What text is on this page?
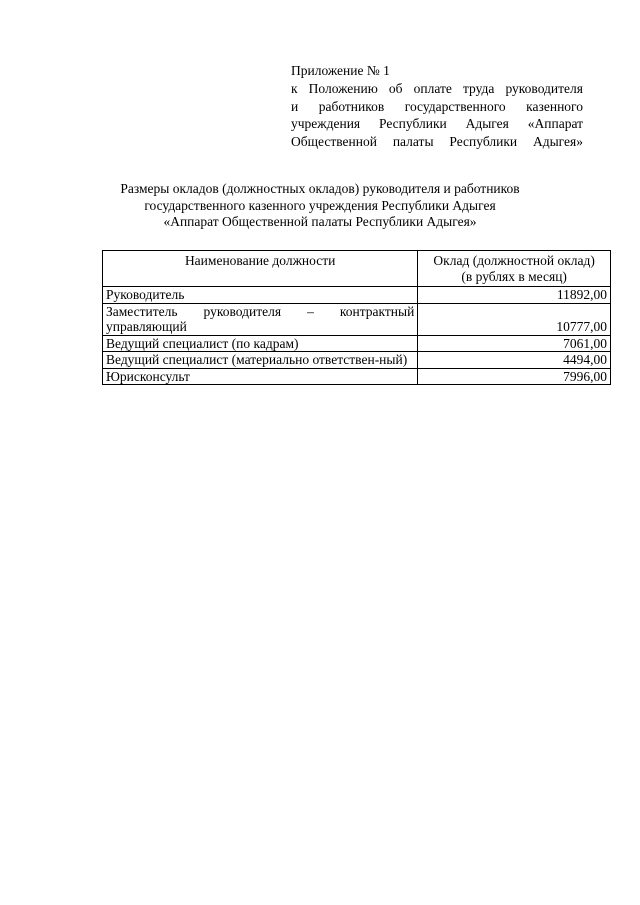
Приложение № 1
к Положению об оплате труда руководителя
и работников государственного казенного
учреждения Республики Адыгея «Аппарат
Общественной палаты Республики Адыгея»
Размеры окладов (должностных окладов) руководителя и работников
государственного казенного учреждения Республики Адыгея
«Аппарат Общественной палаты Республики Адыгея»
Наименование должности	Оклад (должностной оклад)
(в рублях в месяц)

Руководитель	11892,00
Заместитель руководителя – контрактный управляющий	10777,00
Ведущий специалист (по кадрам)	7061,00
Ведущий специалист (материально ответствен-ный)	4494,00
Юрисконсульт	7996,00
